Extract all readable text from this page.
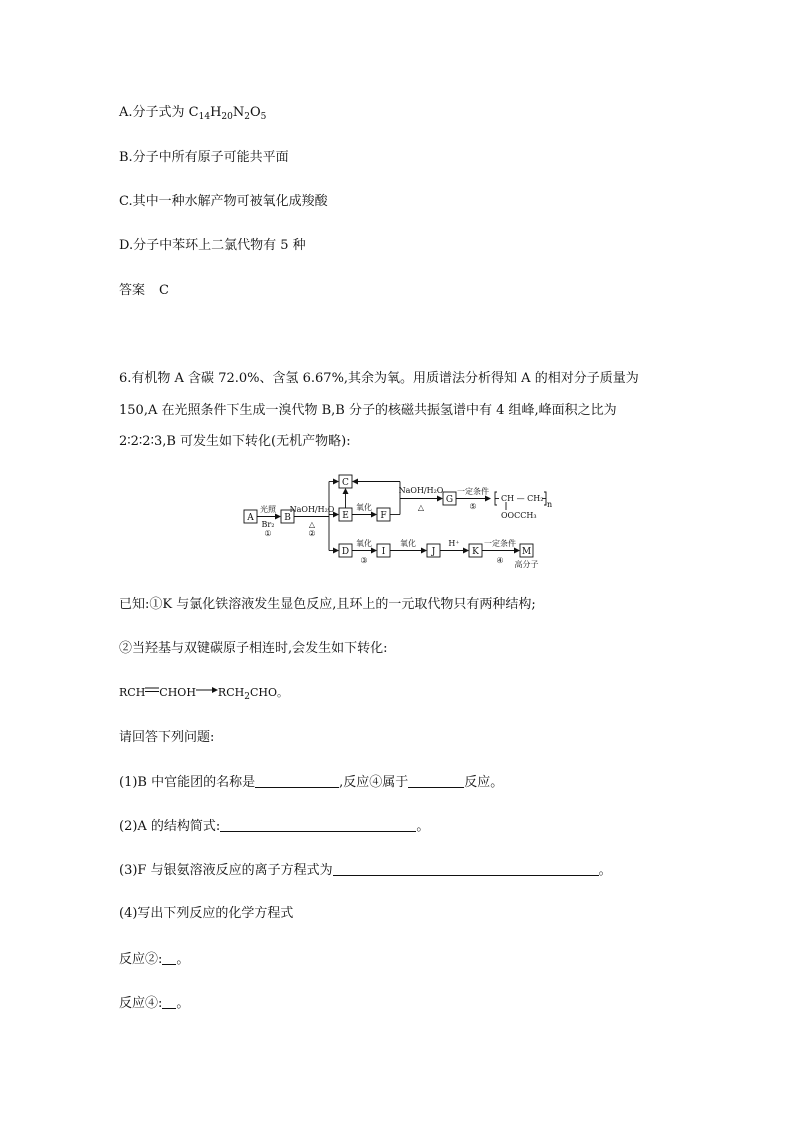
A.分子式为 $C_{14}H_{20}N_2O_5$
B.分子中所有原子可能共平面
C.其中一种水解产物可被氧化成羧酸
D.分子中苯环上二氯代物有 5 种
答案 C
6.有机物 A 含碳 72.0%、含氢 6.67%,其余为氧。用质谱法分析得知 A 的相对分子质量为
150,A 在光照条件下生成一溴代物 B,B 分子的核磁共振氢谱中有 4 组峰,峰面积之比为
2∶2∶2∶3,B 可发生如下转化(无机产物略):
A	B
C
E	F
G
D	I	J	K	M
光照
Br₂
①
NaOH/H₂O
△
②
氧化
NaOH/H₂O
△
一定条件
⑤
CH — CH₂
n
OOCCH₃
氧化
③
氧化	H⁺	一定条件
④ 高分子
已知:①K 与氯化铁溶液发生显色反应,且环上的一元取代物只有两种结构;
②当羟基与双键碳原子相连时,会发生如下转化:
RCH CHOH $RCH_2CHO$。
请回答下列问题:
(1)B 中官能团的名称是	,反应④属于	反应。
(2)A 的结构简式:	。
(3)F 与银氨溶液反应的离子方程式为	。
(4)写出下列反应的化学方程式
反应②: 。
反应④: 。
